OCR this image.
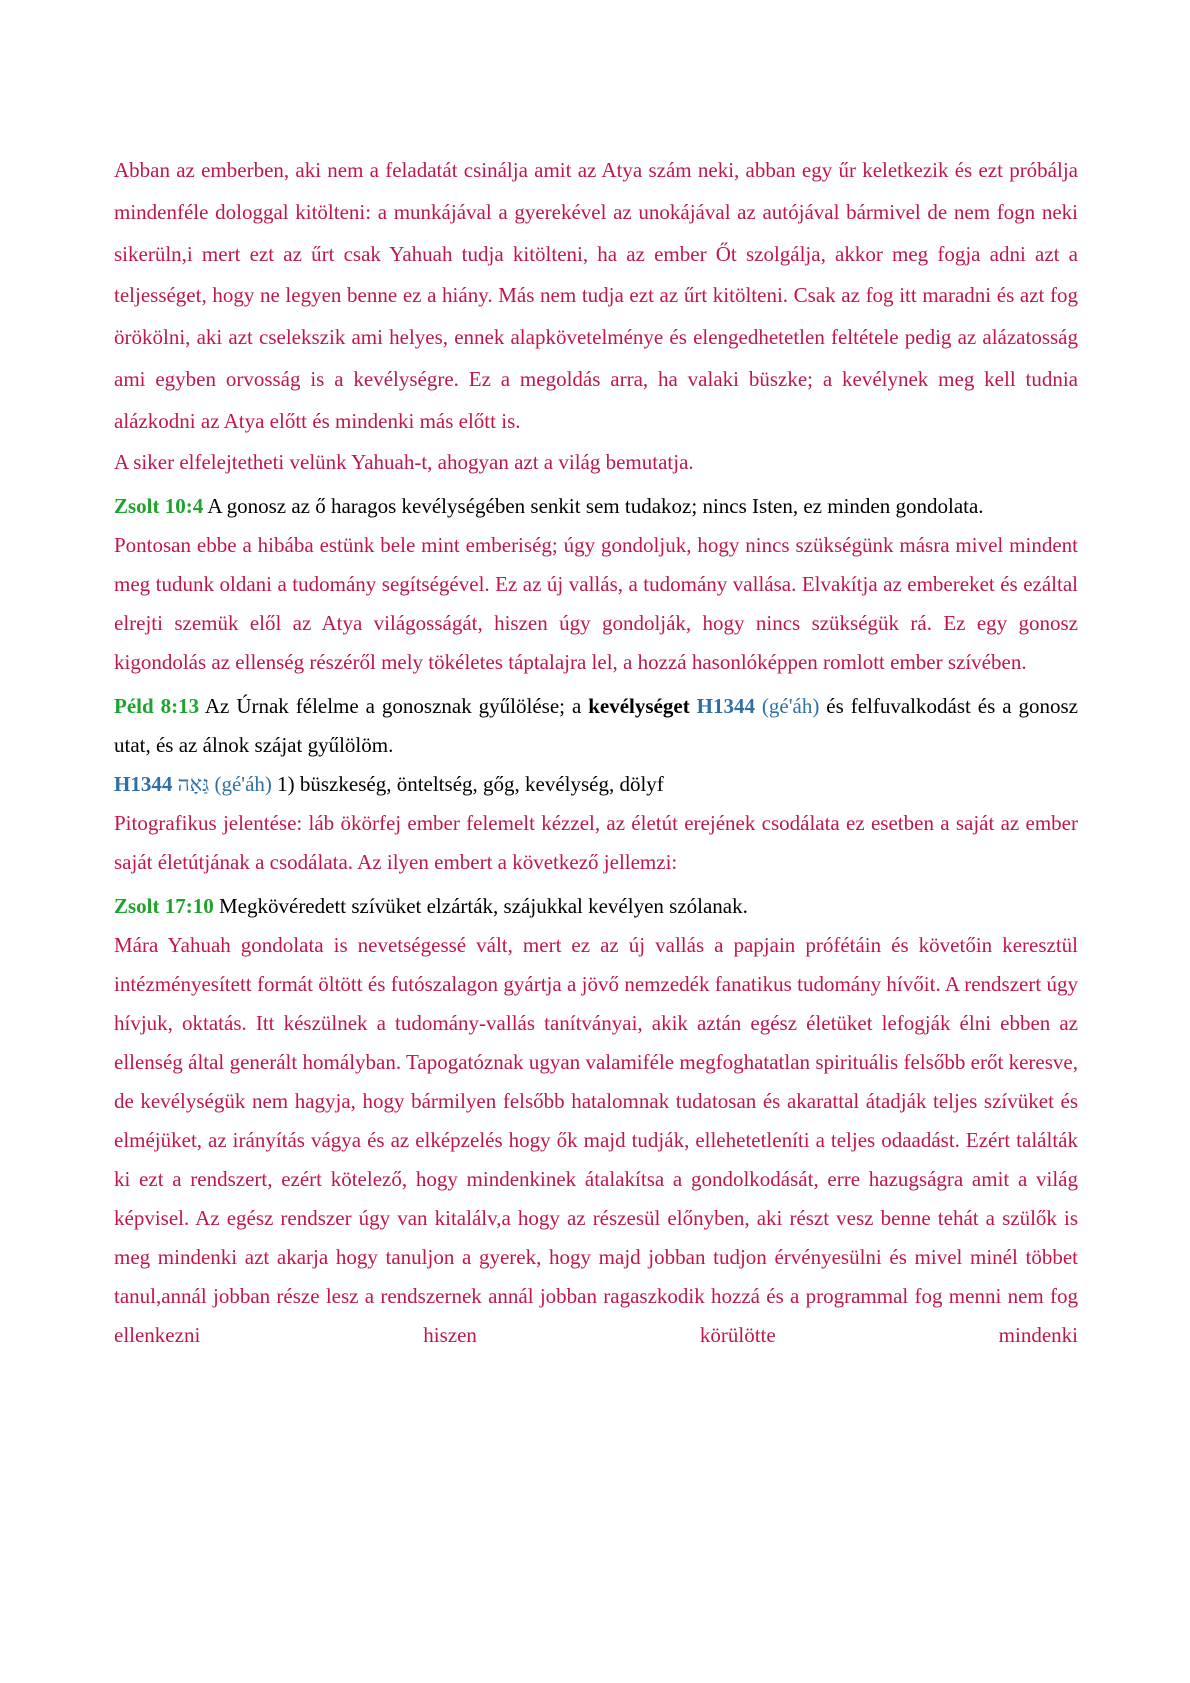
Abban az emberben, aki nem a feladatát csinálja amit az Atya szám neki, abban egy űr keletkezik és ezt próbálja mindenféle dologgal kitölteni: a munkájával a gyerekével az unokájával az autójával bármivel de nem fogn neki sikerüln,i mert ezt az űrt csak Yahuah tudja kitölteni, ha az ember Őt szolgálja, akkor meg fogja adni azt a teljességet, hogy ne legyen benne ez a hiány. Más nem tudja ezt az űrt kitölteni. Csak az fog itt maradni és azt fog örökölni, aki azt cselekszik ami helyes, ennek alapkövetelménye és elengedhetetlen feltétele pedig az alázatosság ami egyben orvosság is a kevélységre. Ez a megoldás arra, ha valaki büszke; a kevélynek meg kell tudnia alázkodni az Atya előtt és mindenki más előtt is.

A siker elfelejtetheti velünk Yahuah-t, ahogyan azt a világ bemutatja.

Zsolt 10:4 A gonosz az ő haragos kevélységében senkit sem tudakoz; nincs Isten, ez minden gondolata.

Pontosan ebbe a hibába estünk bele mint emberiség; úgy gondoljuk, hogy nincs szükségünk másra mivel mindent meg tudunk oldani a tudomány segítségével. Ez az új vallás, a tudomány vallása. Elvakítja az embereket és ezáltal elrejti szemük elől az Atya világosságát, hiszen úgy gondolják, hogy nincs szükségük rá. Ez egy gonosz kigondolás az ellenség részéről mely tökéletes táptalajra lel, a hozzá hasonlóképpen romlott ember szívében.

Péld 8:13 Az Úrnak félelme a gonosznak gyűlölése; a kevélységet H1344 (gé'áh) és felfuvalkodást és a gonosz utat, és az álnok szájat gyűlölöm.

H1344 גַּאָה (gé'áh) 1) büszkeség, önteltség, gőg, kevélység, dölyf

Pitografikus jelentése: láb ökörfej ember felemelt kézzel, az életút erejének csodálata ez esetben a saját az ember saját életútjának a csodálata. Az ilyen embert a következő jellemzi:

Zsolt 17:10 Megkövéredett szívüket elzárták, szájukkal kevélyen szólanak.

Mára Yahuah gondolata is nevetségessé vált, mert ez az új vallás a papjain prófétáin és követőin keresztül intézményesített formát öltött és futószalagon gyártja a jövő nemzedék fanatikus tudomány hívőit. A rendszert úgy hívjuk, oktatás. Itt készülnek a tudomány-vallás tanítványai, akik aztán egész életüket lefogják élni ebben az ellenség által generált homályban. Tapogatóznak ugyan valamiféle megfoghatatlan spirituális felsőbb erőt keresve, de kevélységük nem hagyja, hogy bármilyen felsőbb hatalomnak tudatosan és akarattal átadják teljes szívüket és elméjüket, az irányítás vágya és az elképzelés hogy ők majd tudják, ellehetetleníti a teljes odaadást. Ezért találták ki ezt a rendszert, ezért kötelező, hogy mindenkinek átalakítsa a gondolkodását, erre hazugságra amit a világ képvisel. Az egész rendszer úgy van kitalálv,a hogy az részesül előnyben, aki részt vesz benne tehát a szülők is meg mindenki azt akarja hogy tanuljon a gyerek, hogy majd jobban tudjon érvényesülni és mivel minél többet tanul,annál jobban része lesz a rendszernek annál jobban ragaszkodik hozzá és a programmal fog menni nem fog ellenkezni hiszen körülötte mindenki
